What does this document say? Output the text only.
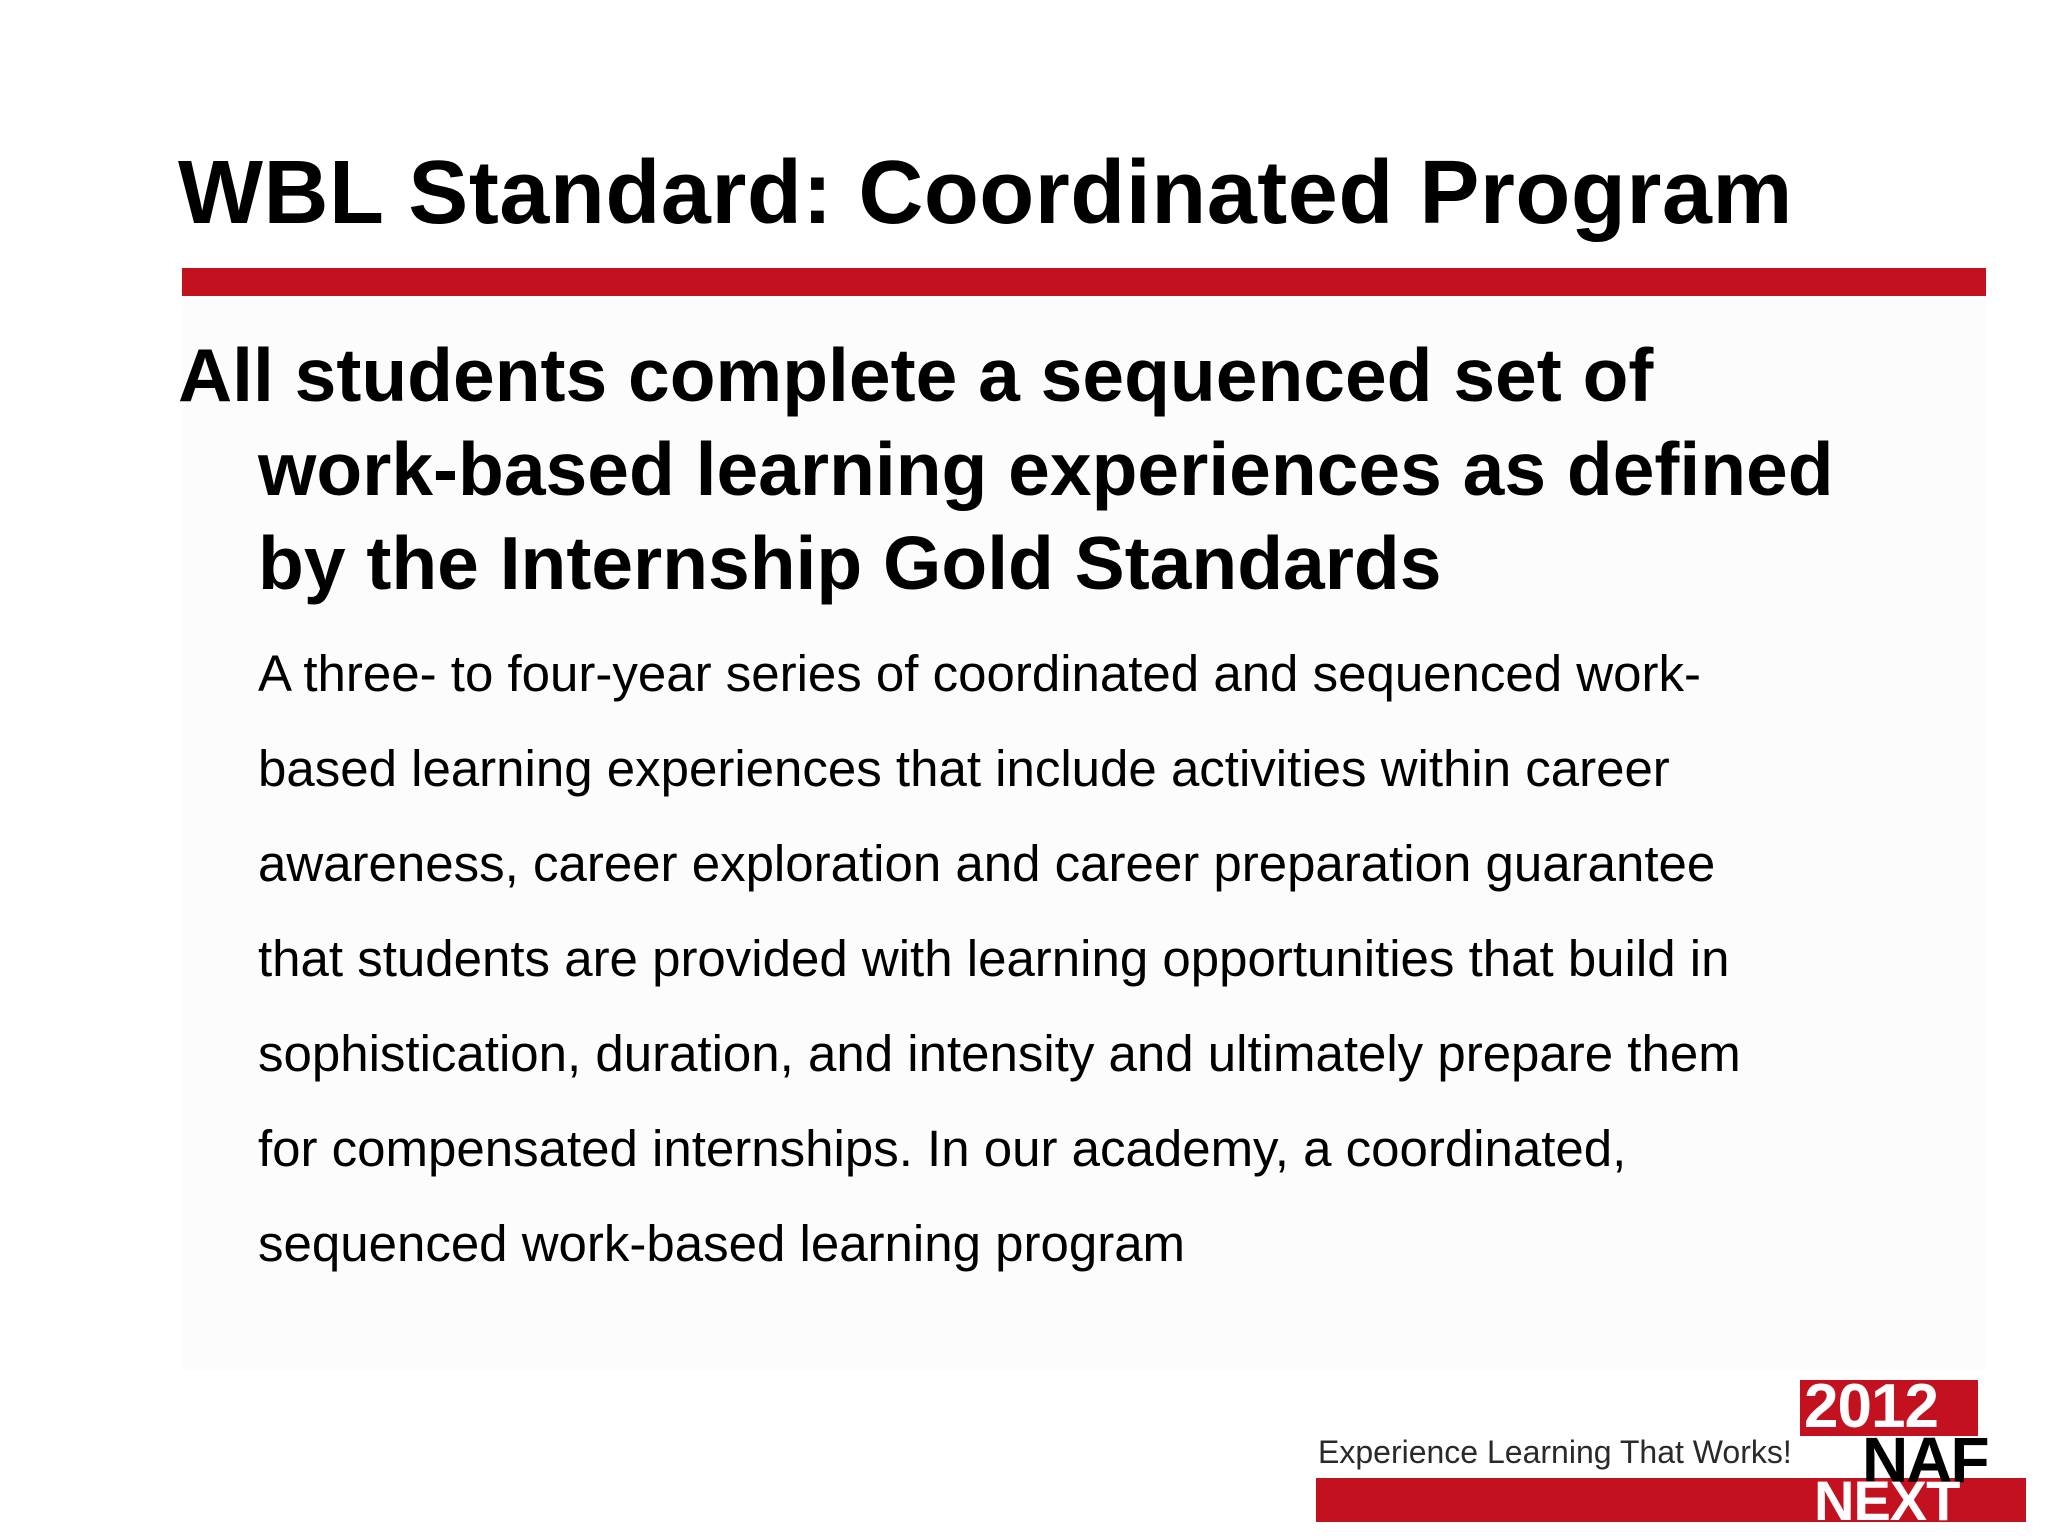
WBL Standard: Coordinated Program
All students complete a sequenced set of
work-based learning experiences as defined
by the Internship Gold Standards

A three- to four-year series of coordinated and sequenced work-
based learning experiences that include activities within career
awareness, career exploration and career preparation guarantee
that students are provided with learning opportunities that build in
sophistication, duration, and intensity and ultimately prepare them
for compensated internships. In our academy, a coordinated,
sequenced work-based learning program

Experience Learning That Works!
2012
NAF
NEXT
